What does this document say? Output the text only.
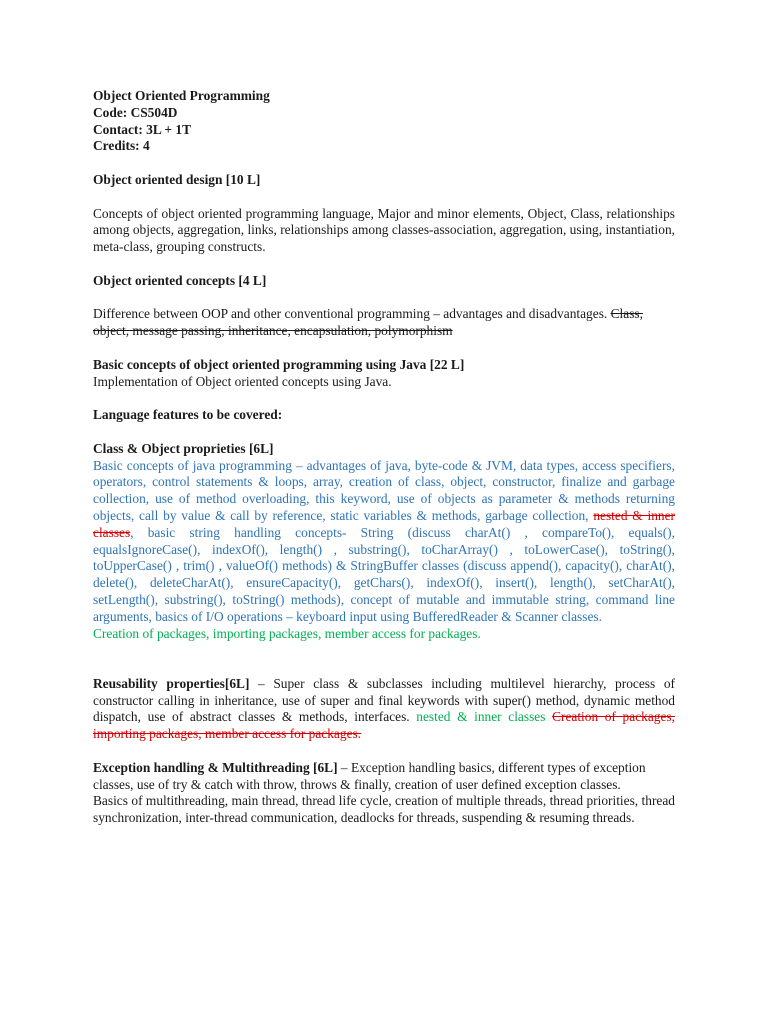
Object Oriented Programming
Code: CS504D
Contact: 3L + 1T
Credits: 4
Object oriented design [10 L]

Concepts of object oriented programming language, Major and minor elements, Object, Class, relationships among objects, aggregation, links, relationships among classes-association, aggregation, using, instantiation, meta-class, grouping constructs.

Object oriented concepts [4 L]

Difference between OOP and other conventional programming – advantages and disadvantages. Class, object, message passing, inheritance, encapsulation, polymorphism

Basic concepts of object oriented programming using Java [22 L]

Implementation of Object oriented concepts using Java.

Language features to be covered:
Class & Object proprieties [6L]

Basic concepts of java programming – advantages of java, byte-code & JVM, data types, access specifiers, operators, control statements & loops, array, creation of class, object, constructor, finalize and garbage collection, use of method overloading, this keyword, use of objects as parameter & methods returning objects, call by value & call by reference, static variables & methods, garbage collection, nested & inner classes, basic string handling concepts- String (discuss charAt() , compareTo(), equals(), equalsIgnoreCase(), indexOf(), length() , substring(), toCharArray() , toLowerCase(), toString(), toUpperCase() , trim() , valueOf() methods) & StringBuffer classes (discuss append(), capacity(), charAt(), delete(), deleteCharAt(), ensureCapacity(), getChars(), indexOf(), insert(), length(), setCharAt(), setLength(), substring(), toString() methods), concept of mutable and immutable string, command line arguments, basics of I/O operations – keyboard input using BufferedReader & Scanner classes.

Creation of packages, importing packages, member access for packages.

Reusability properties[6L] – Super class & subclasses including multilevel hierarchy, process of constructor calling in inheritance, use of super and final keywords with super() method, dynamic method dispatch, use of abstract classes & methods, interfaces. nested & inner classes Creation of packages, importing packages, member access for packages.

Exception handling & Multithreading [6L] – Exception handling basics, different types of exception classes, use of try & catch with throw, throws & finally, creation of user defined exception classes.

Basics of multithreading, main thread, thread life cycle, creation of multiple threads, thread priorities, thread synchronization, inter-thread communication, deadlocks for threads, suspending & resuming threads.
